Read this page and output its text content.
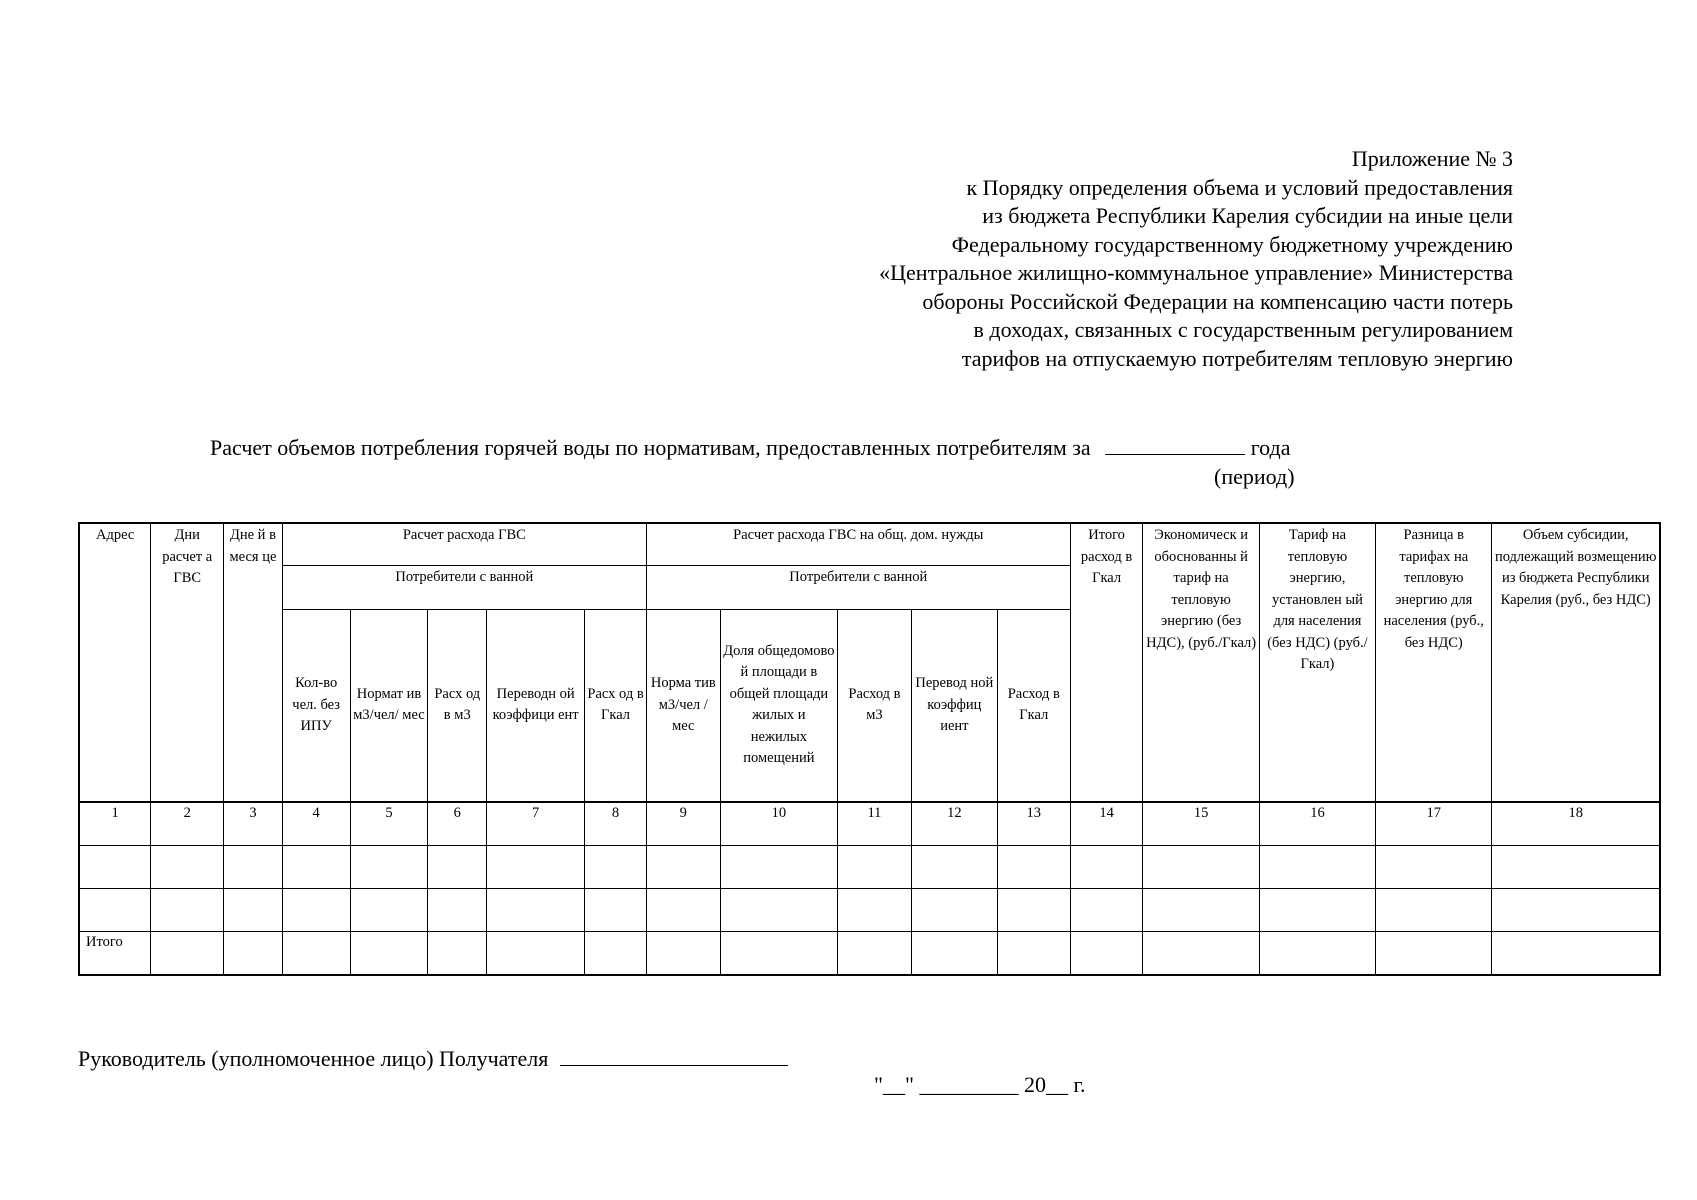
Приложение № 3
к Порядку определения объема и условий предоставления
из бюджета Республики Карелия субсидии на иные цели
Федеральному государственному бюджетному учреждению
«Центральное жилищно-коммунальное управление» Министерства
обороны Российской Федерации на компенсацию части потерь
в доходах, связанных с государственным регулированием
тарифов на отпускаемую потребителям тепловую энергию
Расчет объемов потребления горячей воды по нормативам, предоставленных потребителям за	года
(период)
Адрес	Дни расчет а ГВС	Дне й в меся це	Расчет расхода ГВС					Расчет расхода ГВС на общ. дом. нужды					Итого расход в Гкал	Экономическ и обоснованны й тариф на тепловую энергию (без НДС), (руб./Гкал)	Тариф на тепловую энергию, установлен ый для населения (без НДС) (руб./Гкал)	Разница в тарифах на тепловую энергию для населения (руб., без НДС)	Объем субсидии, подлежащий возмещению из бюджета Республики Карелия (руб., без НДС)
			Потребители с ванной					Потребители с ванной									
			Кол-во чел. без ИПУ	Нормат ив м3/чел/ мес	Расх од в м3	Переводн ой коэффици ент	Расх од в Гкал	Норма тив м3/чел /мес	Доля общедомово й площади в общей площади жилых и нежилых помещений	Расход в м3	Перевод ной коэффиц иент	Расход в Гкал					
1	2	3	4	5	6	7	8	9	10	11	12	13	14	15	16	17	18

Итого																	
Руководитель (уполномоченное лицо) Получателя
"__" _________ 20__ г.
